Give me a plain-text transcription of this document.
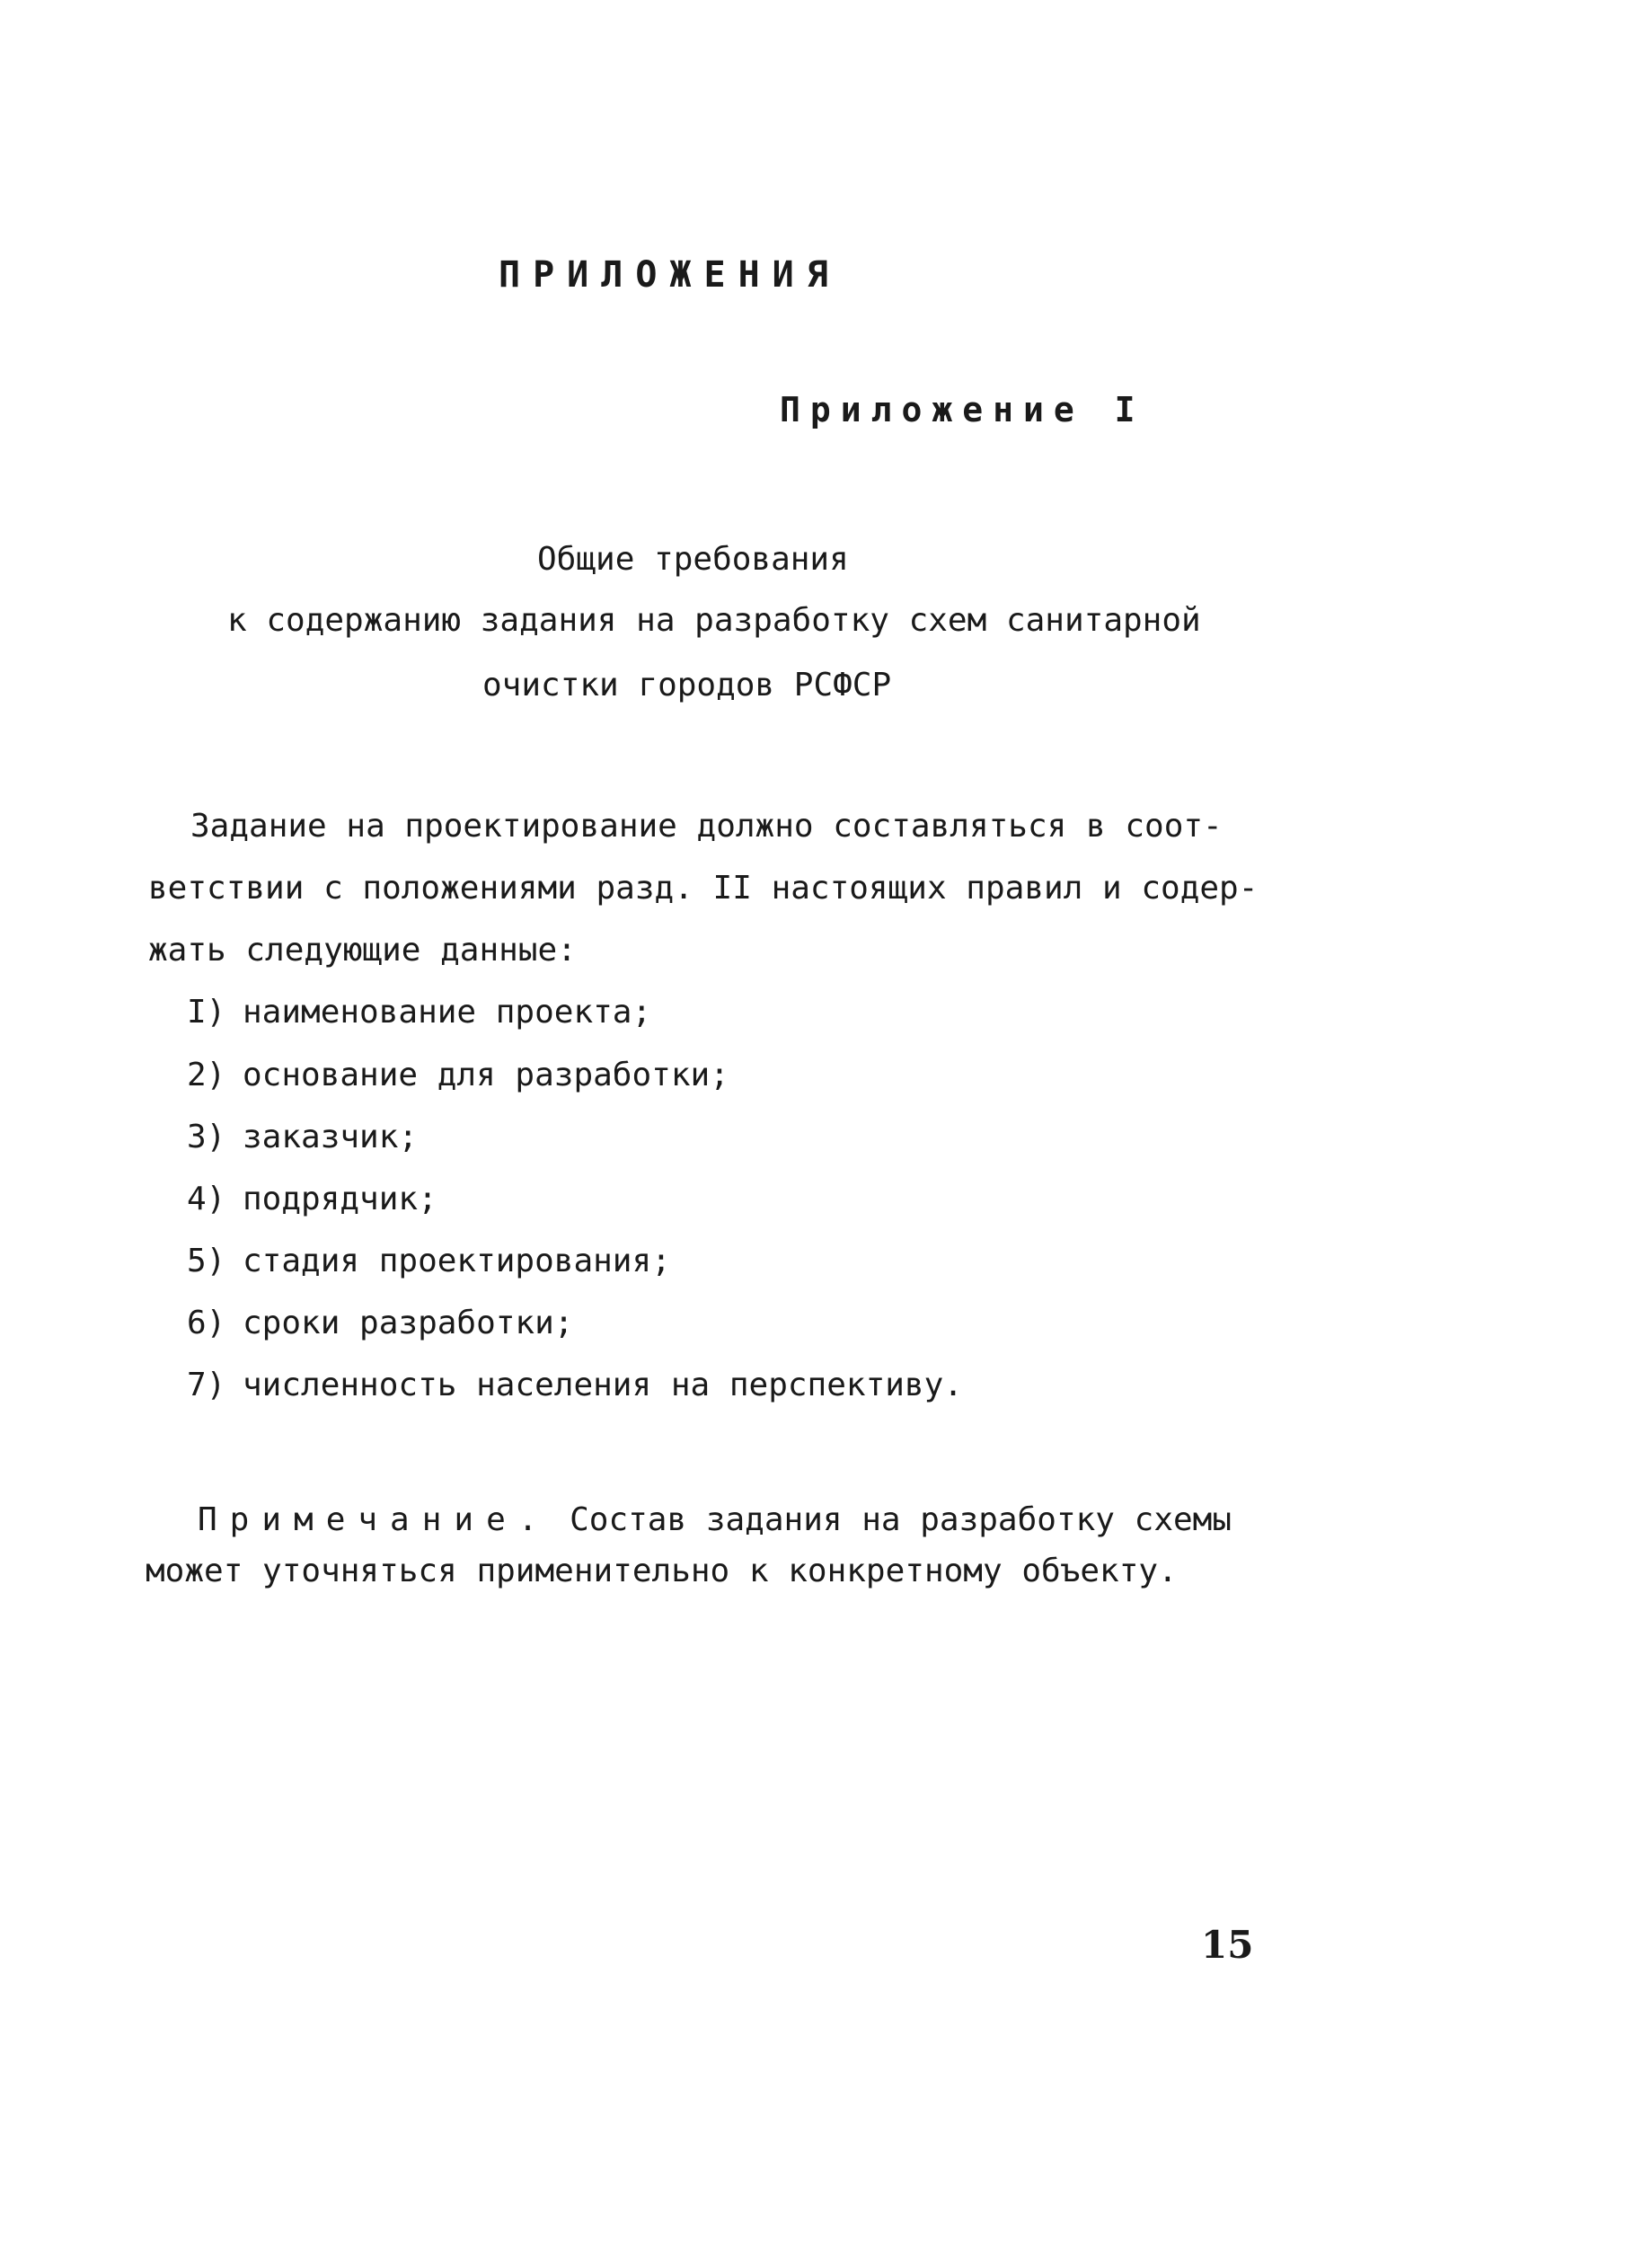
ПРИЛОЖЕНИЯ
Приложение I
Общие требования
к содержанию задания на разработку схем санитарной
очистки городов РСФСР
Задание на проектирование должно составляться в соот-
ветствии с положениями разд. II настоящих правил и содер-
жать следующие данные:
I) наименование проекта;
2) основание для разработки;
3) заказчик;
4) подрядчик;
5) стадия проектирования;
6) сроки разработки;
7) численность населения на перспективу.
Примечание. Состав задания на разработку схемы
может уточняться применительно к конкретному объекту.
15
